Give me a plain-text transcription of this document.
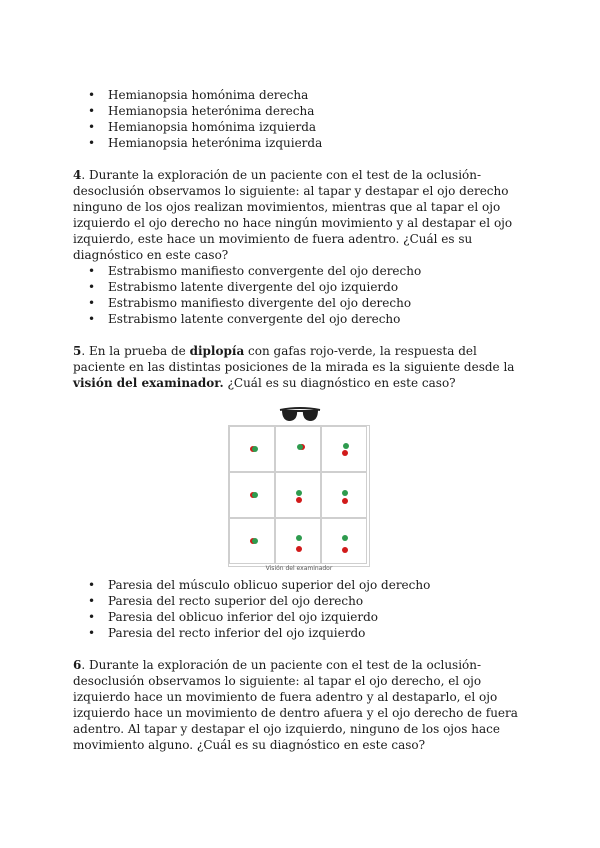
• Hemianopsia homónima derecha
• Hemianopsia heterónima derecha
• Hemianopsia homónima izquierda
• Hemianopsia heterónima izquierda

4. Durante la exploración de un paciente con el test de la oclusión-desoclusión observamos lo siguiente: al tapar y destapar el ojo derecho ninguno de los ojos realizan movimientos, mientras que al tapar el ojo izquierdo el ojo derecho no hace ningún movimiento y al destapar el ojo izquierdo, este hace un movimiento de fuera adentro. ¿Cuál es su diagnóstico en este caso?

• Estrabismo manifiesto convergente del ojo derecho
• Estrabismo latente divergente del ojo izquierdo
• Estrabismo manifiesto divergente del ojo derecho
• Estrabismo latente convergente del ojo derecho

5. En la prueba de diplopía con gafas rojo-verde, la respuesta del paciente en las distintas posiciones de la mirada es la siguiente desde la visión del examinador. ¿Cuál es su diagnóstico en este caso?

Visión del examinador
• Paresia del músculo oblicuo superior del ojo derecho
• Paresia del recto superior del ojo derecho
• Paresia del oblicuo inferior del ojo izquierdo
• Paresia del recto inferior del ojo izquierdo

6. Durante la exploración de un paciente con el test de la oclusión-desoclusión observamos lo siguiente: al tapar el ojo derecho, el ojo izquierdo hace un movimiento de fuera adentro y al destaparlo, el ojo izquierdo hace un movimiento de dentro afuera y el ojo derecho de fuera adentro. Al tapar y destapar el ojo izquierdo, ninguno de los ojos hace movimiento alguno. ¿Cuál es su diagnóstico en este caso?
